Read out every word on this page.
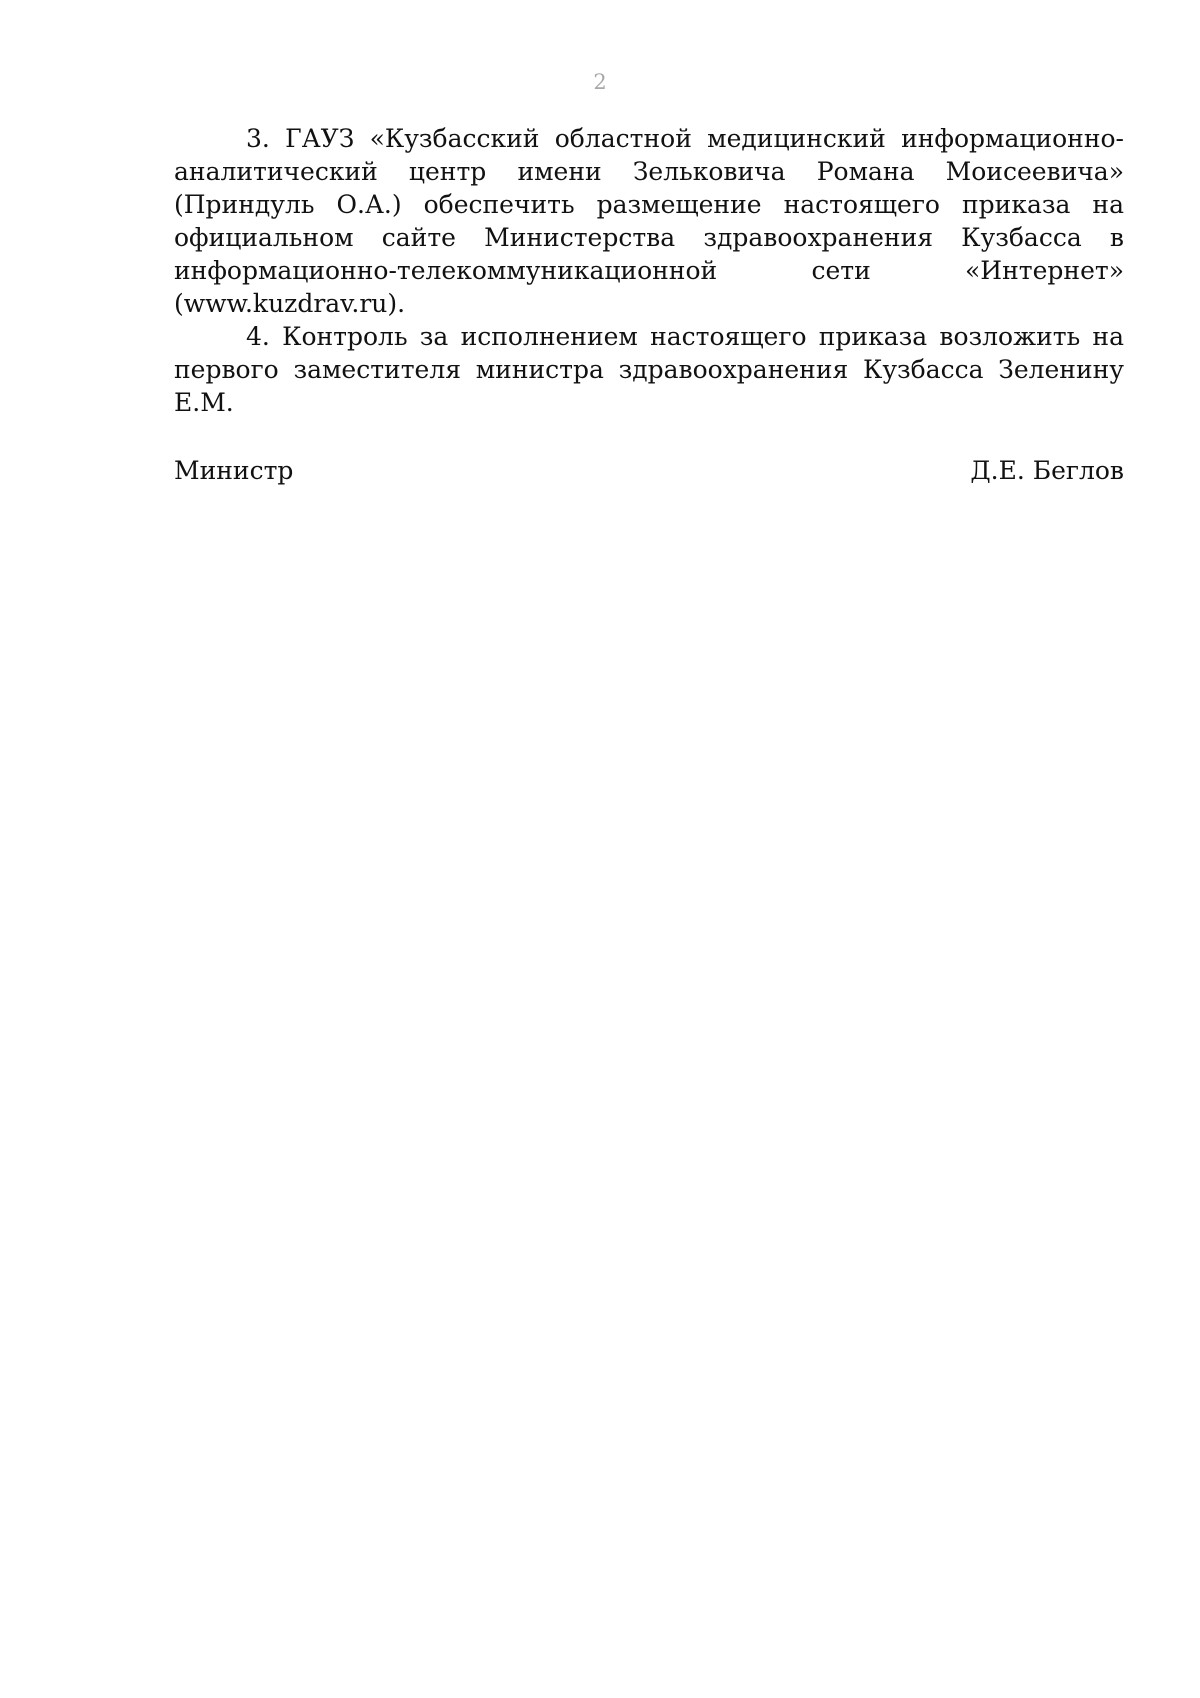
2

3. ГАУЗ «Кузбасский областной медицинский информационно-аналитический центр имени Зельковича Романа Моисеевича» (Приндуль О.А.) обеспечить размещение настоящего приказа на официальном сайте Министерства здравоохранения Кузбасса в информационно-телекоммуникационной сети «Интернет» (www.kuzdrav.ru).

4. Контроль за исполнением настоящего приказа возложить на первого заместителя министра здравоохранения Кузбасса Зеленину Е.М.

Министр	Д.Е. Беглов
